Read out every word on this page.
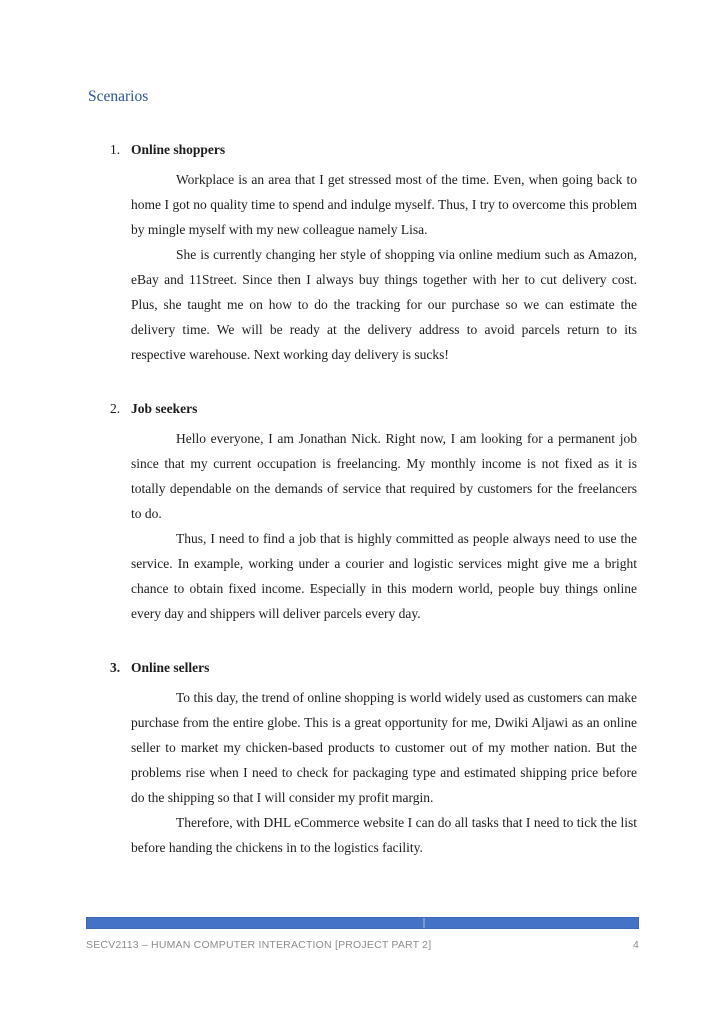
Scenarios
1. Online shoppers

Workplace is an area that I get stressed most of the time. Even, when going back to home I got no quality time to spend and indulge myself. Thus, I try to overcome this problem by mingle myself with my new colleague namely Lisa.

She is currently changing her style of shopping via online medium such as Amazon, eBay and 11Street. Since then I always buy things together with her to cut delivery cost. Plus, she taught me on how to do the tracking for our purchase so we can estimate the delivery time. We will be ready at the delivery address to avoid parcels return to its respective warehouse. Next working day delivery is sucks!

2. Job seekers

Hello everyone, I am Jonathan Nick. Right now, I am looking for a permanent job since that my current occupation is freelancing. My monthly income is not fixed as it is totally dependable on the demands of service that required by customers for the freelancers to do.

Thus, I need to find a job that is highly committed as people always need to use the service. In example, working under a courier and logistic services might give me a bright chance to obtain fixed income. Especially in this modern world, people buy things online every day and shippers will deliver parcels every day.

3. Online sellers

To this day, the trend of online shopping is world widely used as customers can make purchase from the entire globe. This is a great opportunity for me, Dwiki Aljawi as an online seller to market my chicken-based products to customer out of my mother nation. But the problems rise when I need to check for packaging type and estimated shipping price before do the shipping so that I will consider my profit margin.

Therefore, with DHL eCommerce website I can do all tasks that I need to tick the list before handing the chickens in to the logistics facility.

SECV2113 – HUMAN COMPUTER INTERACTION [PROJECT PART 2]	4
